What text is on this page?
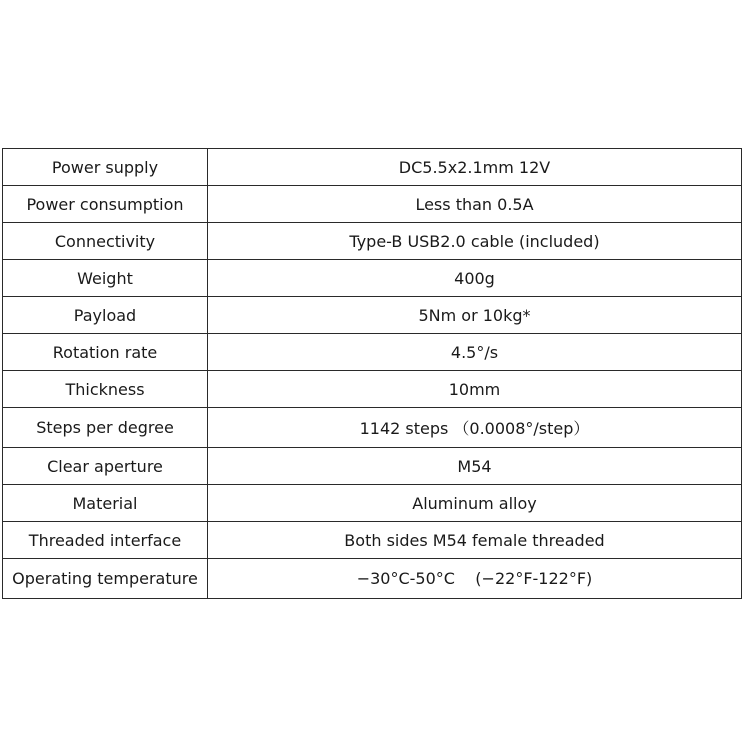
Power supply	DC5.5x2.1mm 12V
Power consumption	Less than 0.5A
Connectivity	Type-B USB2.0 cable (included)
Weight	400g
Payload	5Nm or 10kg*
Rotation rate	4.5°/s
Thickness	10mm
Steps per degree	1142 steps （0.0008°/step）
Clear aperture	M54
Material	Aluminum alloy
Threaded interface	Both sides M54 female threaded
Operating temperature	−30°C-50°C    (−22°F-122°F)
